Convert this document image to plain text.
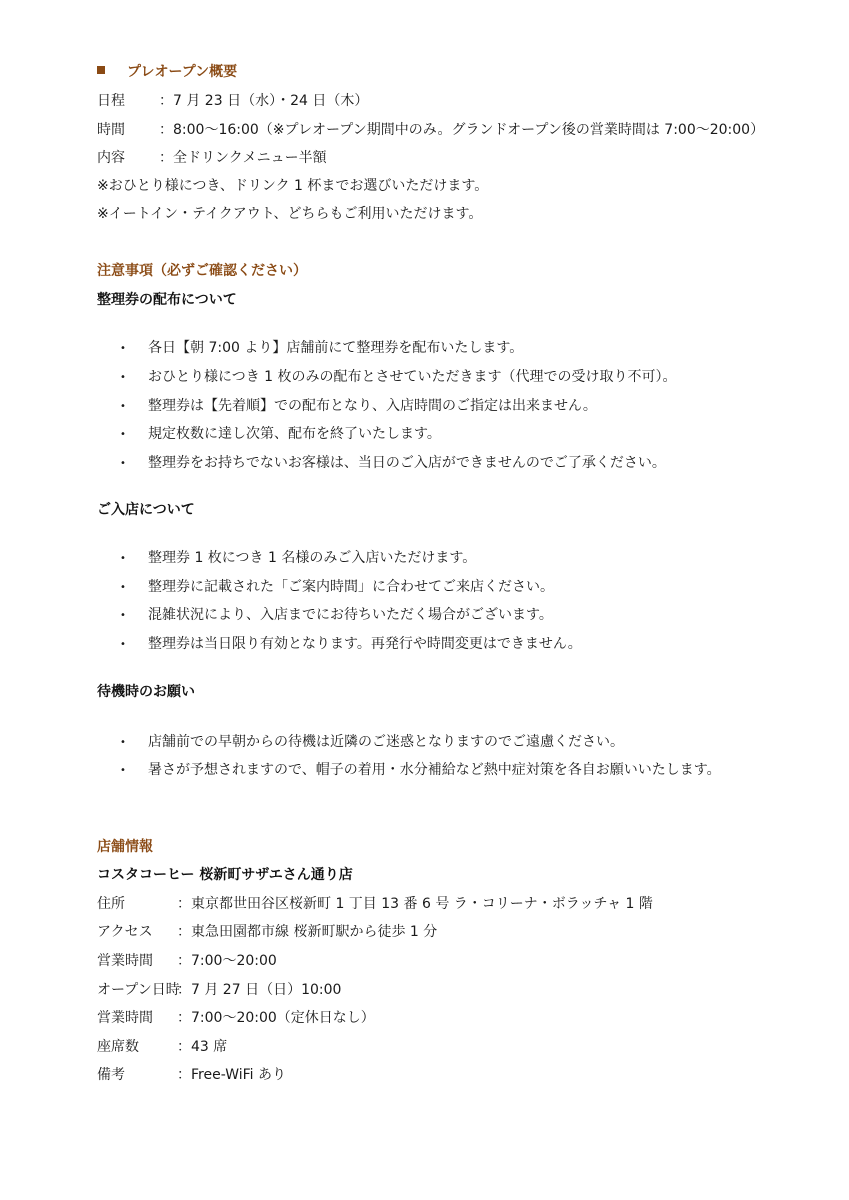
プレオープン概要
日程 ：7 月 23 日（水）・24 日（木）
時間 ：8:00～16:00（※プレオープン期間中のみ。グランドオープン後の営業時間は 7:00～20:00）
内容 ：全ドリンクメニュー半額
※おひとり様につき、ドリンク 1 杯までお選びいただけます。
※イートイン・テイクアウト、どちらもご利用いただけます。
注意事項（必ずご確認ください）
整理券の配布について
• 各日【朝 7:00 より】店舗前にて整理券を配布いたします。
• おひとり様につき 1 枚のみの配布とさせていただきます（代理での受け取り不可）。
• 整理券は【先着順】での配布となり、入店時間のご指定は出来ません。
• 規定枚数に達し次第、配布を終了いたします。
• 整理券をお持ちでないお客様は、当日のご入店ができませんのでご了承ください。
ご入店について
• 整理券 1 枚につき 1 名様のみご入店いただけます。
• 整理券に記載された「ご案内時間」に合わせてご来店ください。
• 混雑状況により、入店までにお待ちいただく場合がございます。
• 整理券は当日限り有効となります。再発行や時間変更はできません。
待機時のお願い
• 店舗前での早朝からの待機は近隣のご迷惑となりますのでご遠慮ください。
• 暑さが予想されますので、帽子の着用・水分補給など熱中症対策を各自お願いいたします。
店舗情報
コスタコーヒー 桜新町サザエさん通り店
住所	：東京都世田谷区桜新町 1 丁目 13 番 6 号 ラ・コリーナ・ボラッチャ 1 階
アクセス ：東急田園都市線 桜新町駅から徒歩 1 分
営業時間 ：7:00～20:00
オープン日時：7 月 27 日（日）10:00
営業時間 ：7:00～20:00（定休日なし）
座席数	：43 席
備考	：Free-WiFi あり
